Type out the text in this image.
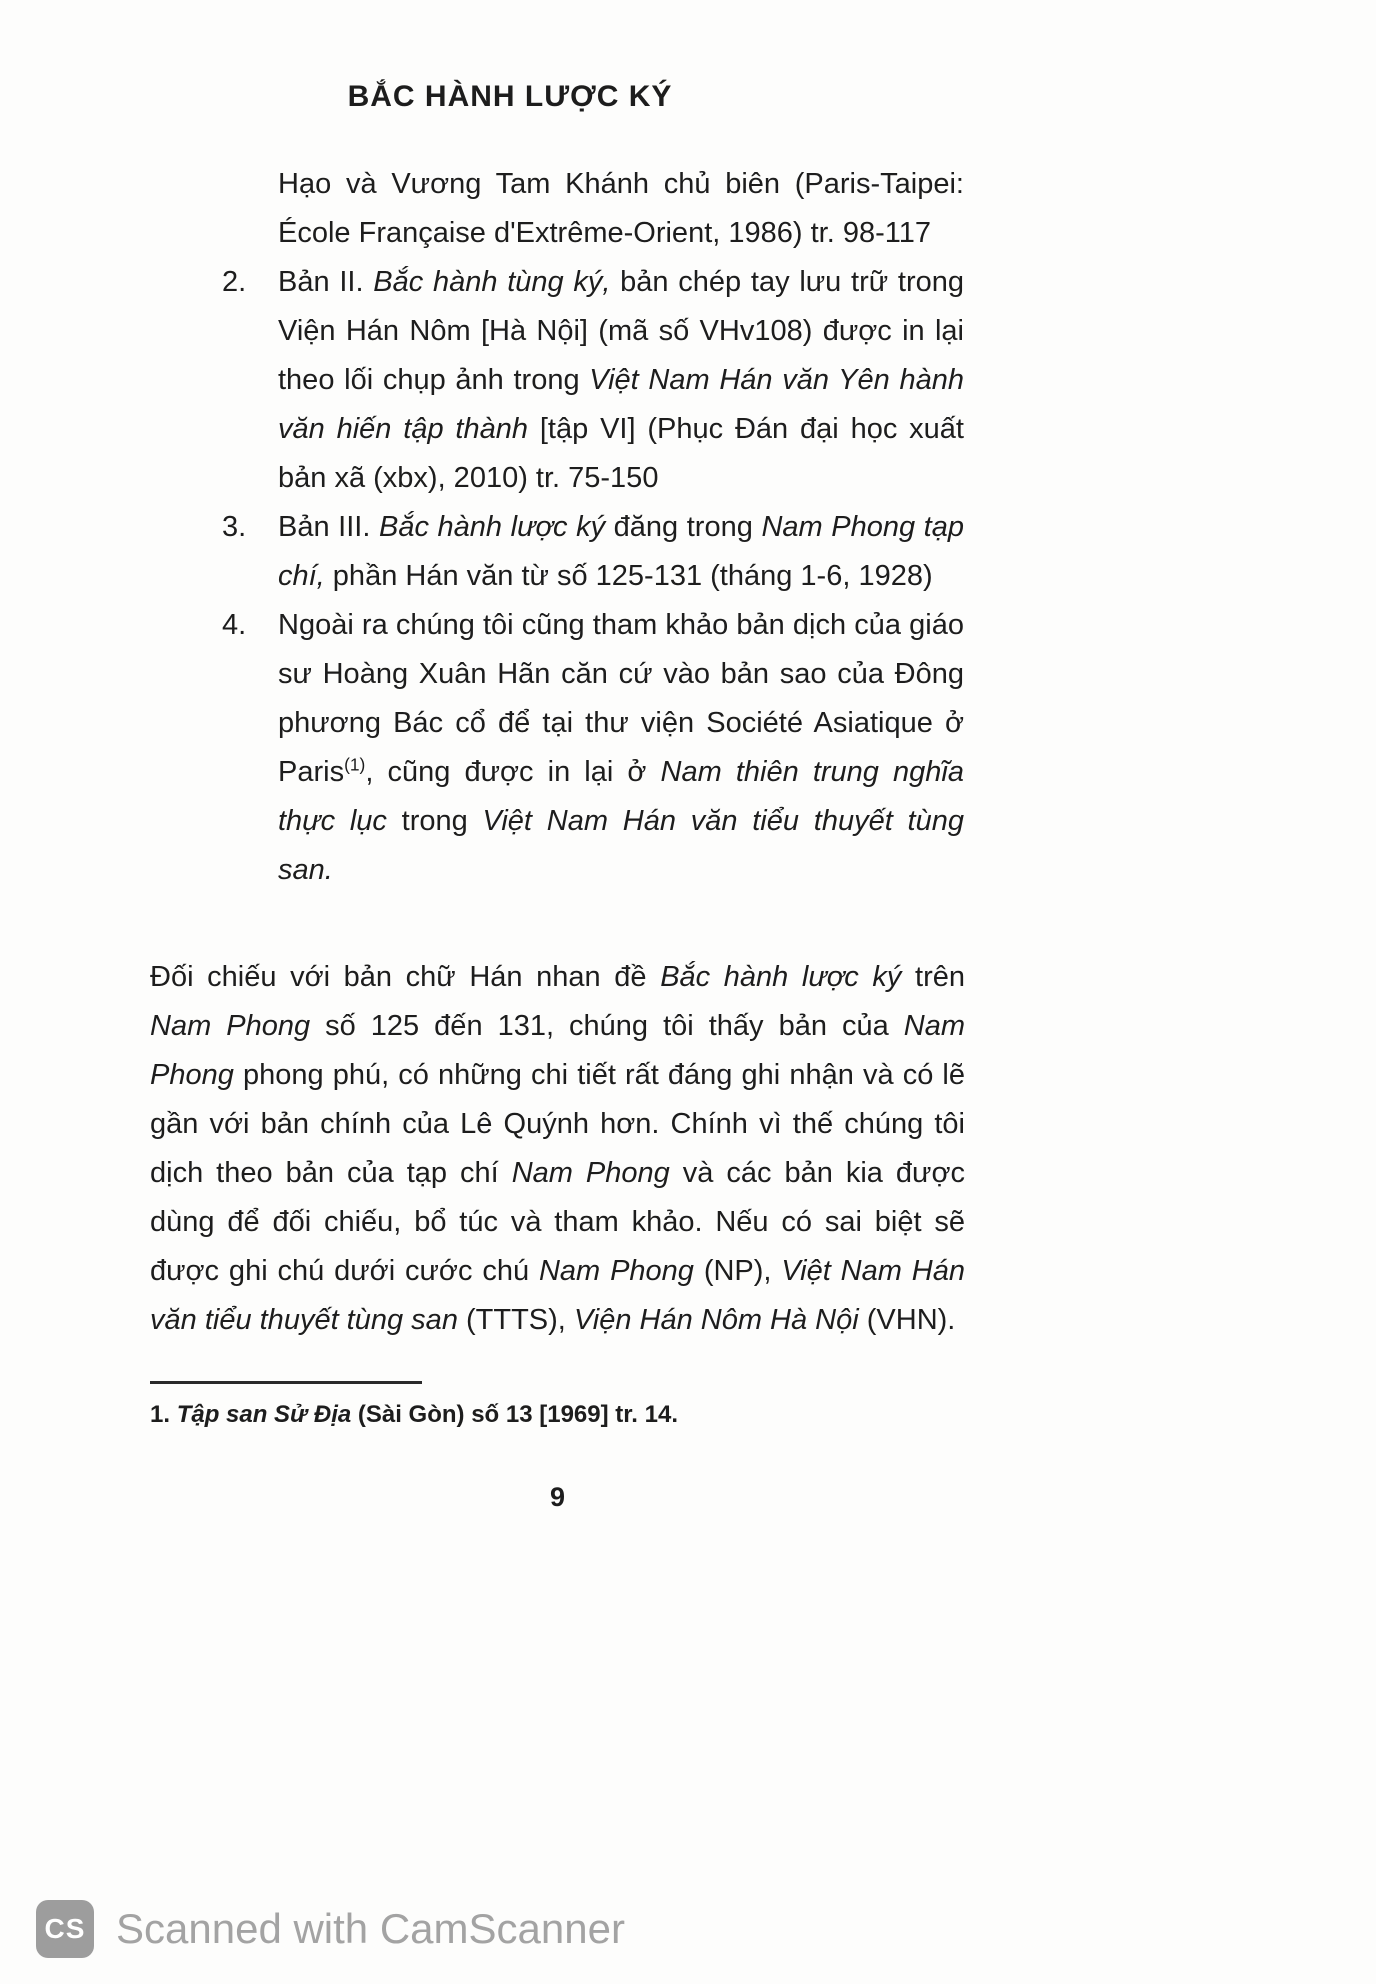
BẮC HÀNH LƯỢC KÝ
Hạo và Vương Tam Khánh chủ biên (Paris-Taipei: École Française d'Extrême-Orient, 1986) tr. 98-117
2.	Bản II. Bắc hành tùng ký, bản chép tay lưu trữ trong Viện Hán Nôm [Hà Nội] (mã số VHv108) được in lại theo lối chụp ảnh trong Việt Nam Hán văn Yên hành văn hiến tập thành [tập VI] (Phục Đán đại học xuất bản xã (xbx), 2010) tr. 75-150
3.	Bản III. Bắc hành lược ký đăng trong Nam Phong tạp chí, phần Hán văn từ số 125-131 (tháng 1-6, 1928)
4.	Ngoài ra chúng tôi cũng tham khảo bản dịch của giáo sư Hoàng Xuân Hãn căn cứ vào bản sao của Đông phương Bác cổ để tại thư viện Société Asiatique ở Paris$^{(1)}$, cũng được in lại ở Nam thiên trung nghĩa thực lục trong Việt Nam Hán văn tiểu thuyết tùng san.

Đối chiếu với bản chữ Hán nhan đề Bắc hành lược ký trên Nam Phong số 125 đến 131, chúng tôi thấy bản của Nam Phong phong phú, có những chi tiết rất đáng ghi nhận và có lẽ gần với bản chính của Lê Quýnh hơn. Chính vì thế chúng tôi dịch theo bản của tạp chí Nam Phong và các bản kia được dùng để đối chiếu, bổ túc và tham khảo. Nếu có sai biệt sẽ được ghi chú dưới cước chú Nam Phong (NP), Việt Nam Hán văn tiểu thuyết tùng san (TTTS), Viện Hán Nôm Hà Nội (VHN).

1. Tập san Sử Địa (Sài Gòn) số 13 [1969] tr. 14.

9
CS Scanned with CamScanner
